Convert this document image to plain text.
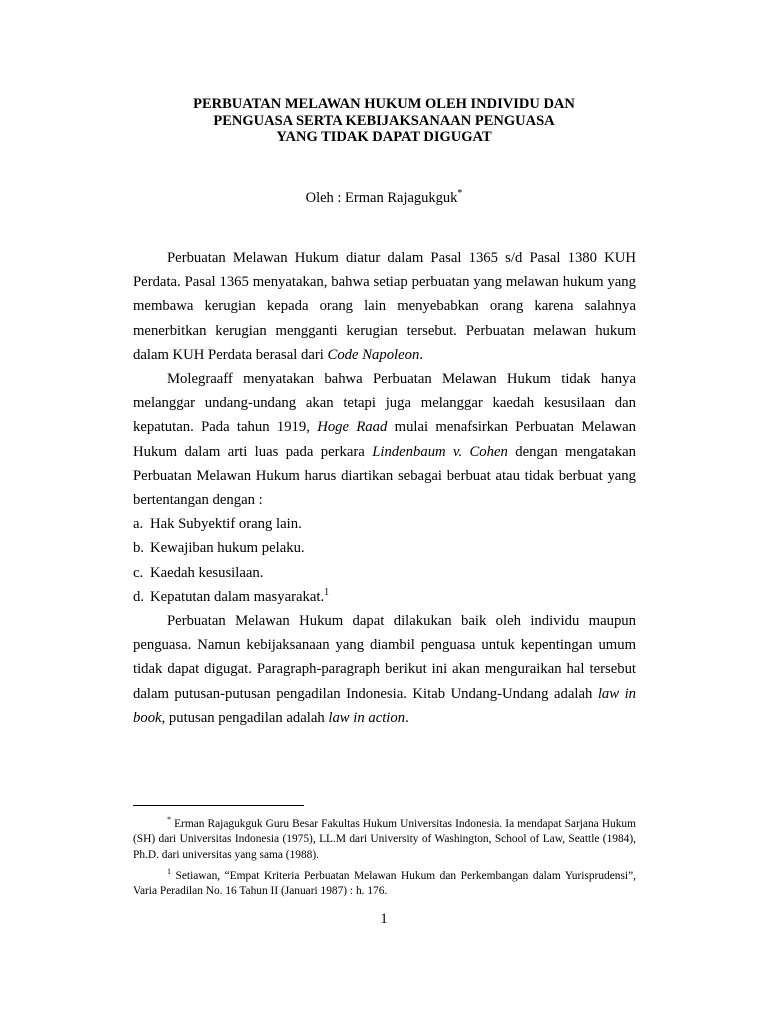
PERBUATAN MELAWAN HUKUM OLEH INDIVIDU DAN
PENGUASA SERTA KEBIJAKSANAAN PENGUASA
YANG TIDAK DAPAT DIGUGAT
Oleh : Erman Rajagukguk*

Perbuatan Melawan Hukum diatur dalam Pasal 1365 s/d Pasal 1380 KUH Perdata. Pasal 1365 menyatakan, bahwa setiap perbuatan yang melawan hukum yang membawa kerugian kepada orang lain menyebabkan orang karena salahnya menerbitkan kerugian mengganti kerugian tersebut. Perbuatan melawan hukum dalam KUH Perdata berasal dari Code Napoleon.

Molegraaff menyatakan bahwa Perbuatan Melawan Hukum tidak hanya melanggar undang-undang akan tetapi juga melanggar kaedah kesusilaan dan kepatutan. Pada tahun 1919, Hoge Raad mulai menafsirkan Perbuatan Melawan Hukum dalam arti luas pada perkara Lindenbaum v. Cohen dengan mengatakan Perbuatan Melawan Hukum harus diartikan sebagai berbuat atau tidak berbuat yang bertentangan dengan :

a. Hak Subyektif orang lain.
b. Kewajiban hukum pelaku.
c. Kaedah kesusilaan.
d. Kepatutan dalam masyarakat.$^1$

Perbuatan Melawan Hukum dapat dilakukan baik oleh individu maupun penguasa. Namun kebijaksanaan yang diambil penguasa untuk kepentingan umum tidak dapat digugat. Paragraph-paragraph berikut ini akan menguraikan hal tersebut dalam putusan-putusan pengadilan Indonesia. Kitab Undang-Undang adalah law in book, putusan pengadilan adalah law in action.

* Erman Rajagukguk Guru Besar Fakultas Hukum Universitas Indonesia. Ia mendapat Sarjana Hukum (SH) dari Universitas Indonesia (1975), LL.M dari University of Washington, School of Law, Seattle (1984), Ph.D. dari universitas yang sama (1988).

$^1$ Setiawan, “Empat Kriteria Perbuatan Melawan Hukum dan Perkembangan dalam Yurisprudensi”, Varia Peradilan No. 16 Tahun II (Januari 1987) : h. 176.

1
